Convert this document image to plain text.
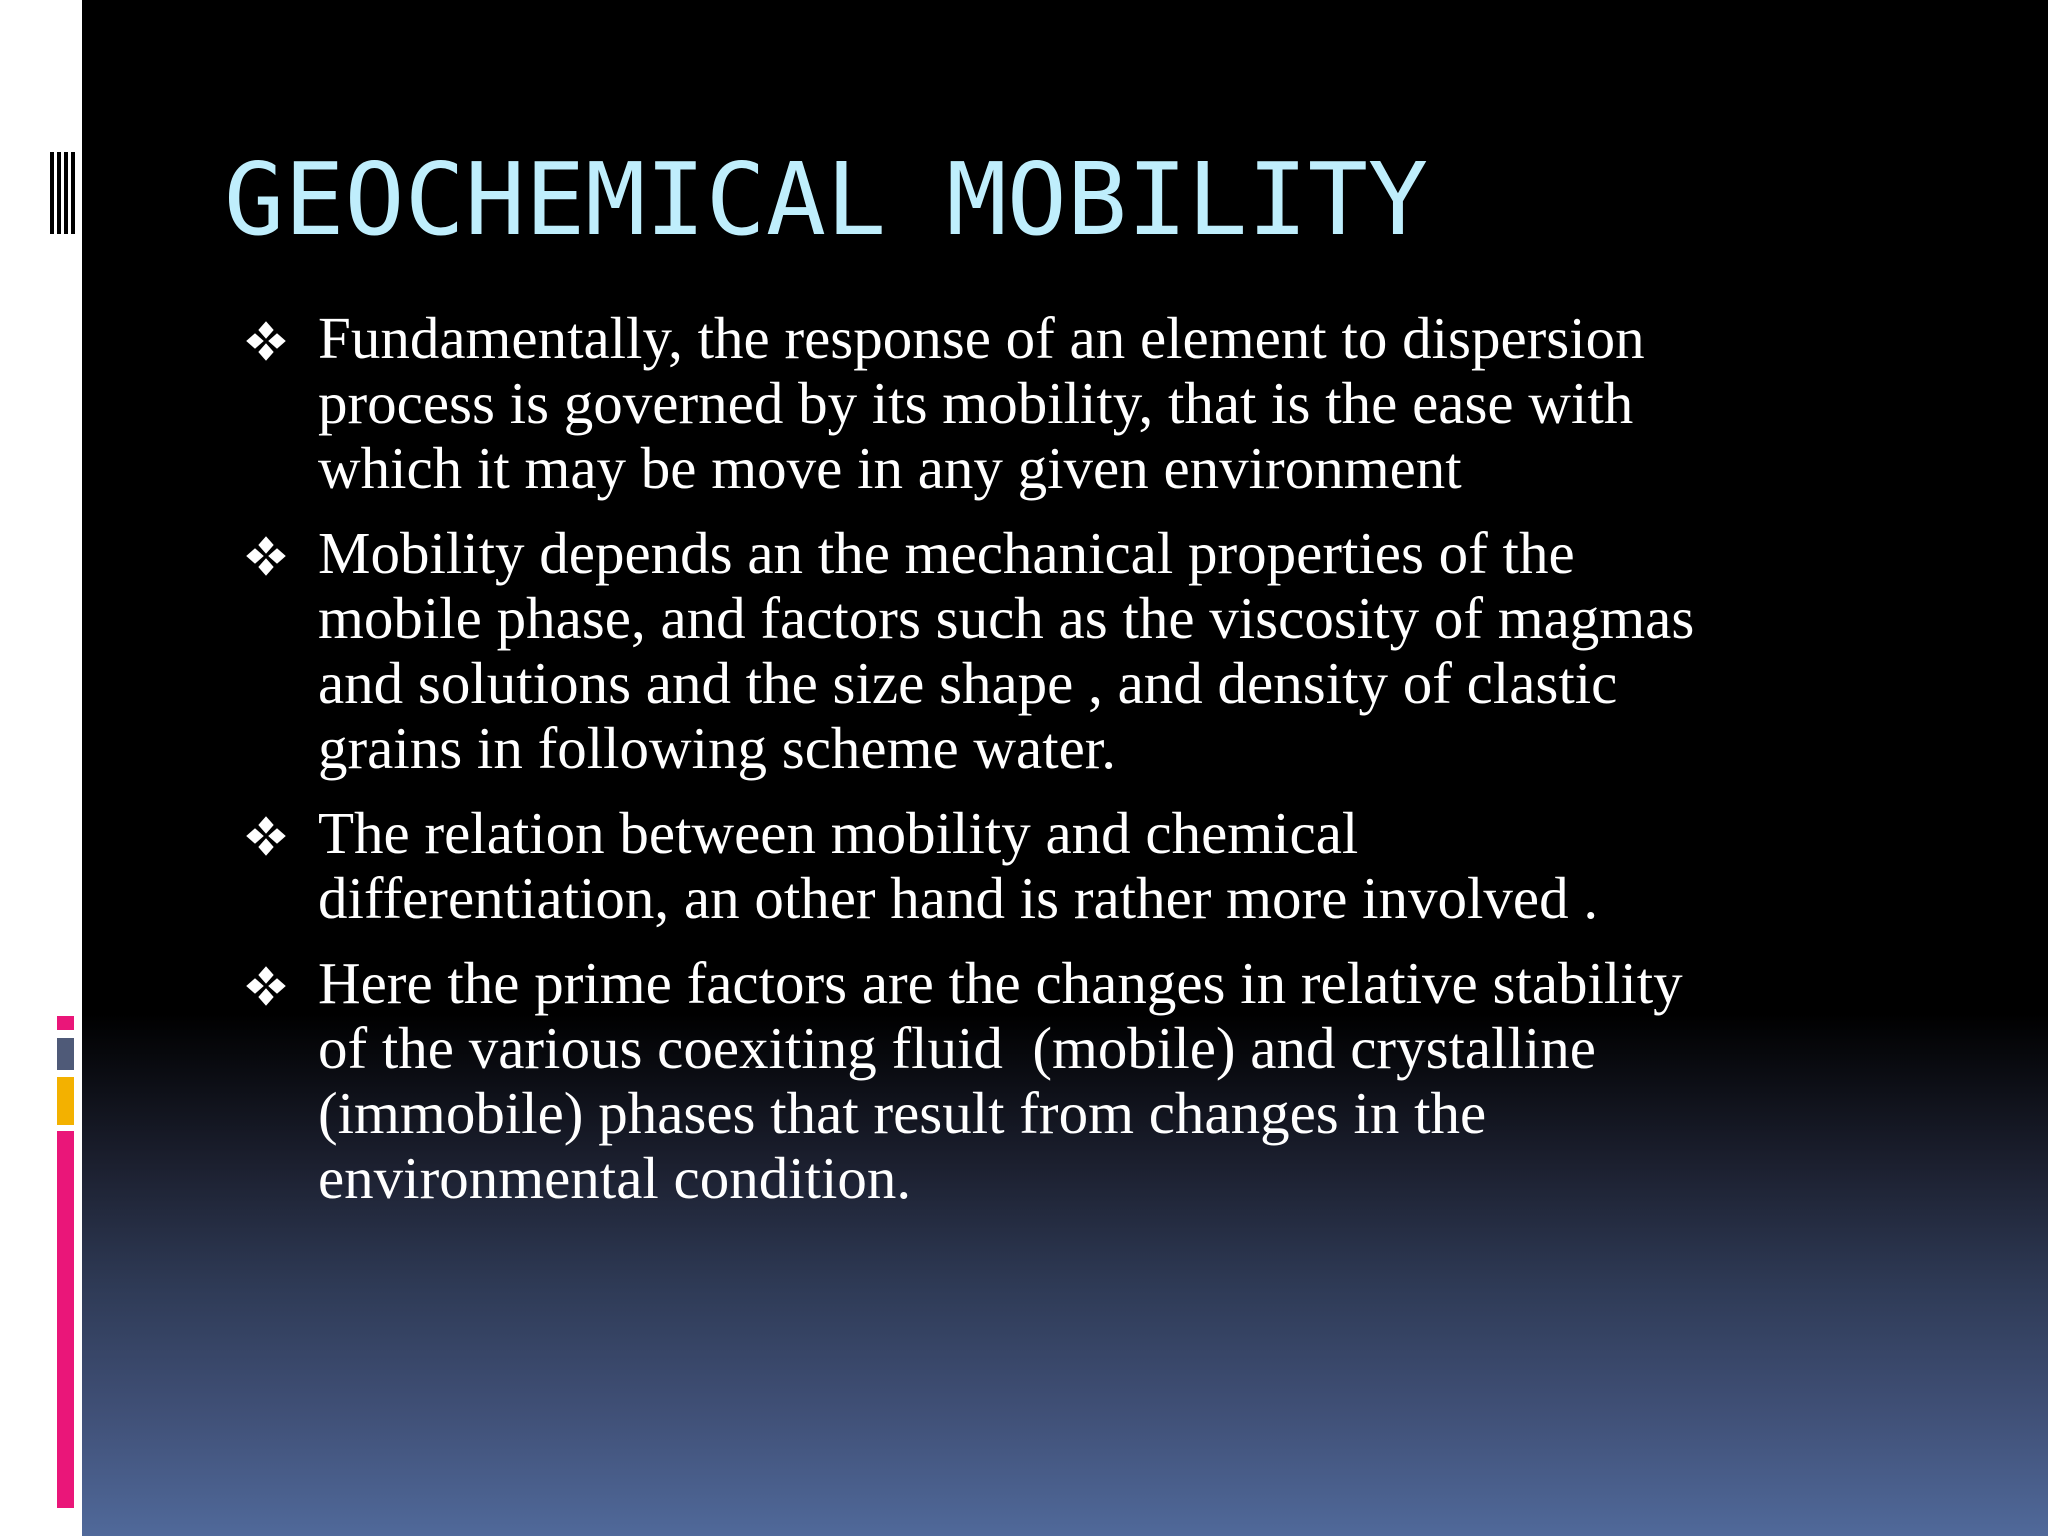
GEOCHEMICAL MOBILITY
Fundamentally, the response of an element to dispersion
process is governed by its mobility, that is the ease with
which it may be move in any given environment
Mobility depends an the mechanical properties of the
mobile phase, and factors such as the viscosity of magmas
and solutions and the size shape , and density of clastic
grains in following scheme water.
The relation between mobility and chemical
differentiation, an other hand is rather more involved .
Here the prime factors are the changes in relative stability
of the various coexiting fluid  (mobile) and crystalline
(immobile) phases that result from changes in the
environmental condition.
